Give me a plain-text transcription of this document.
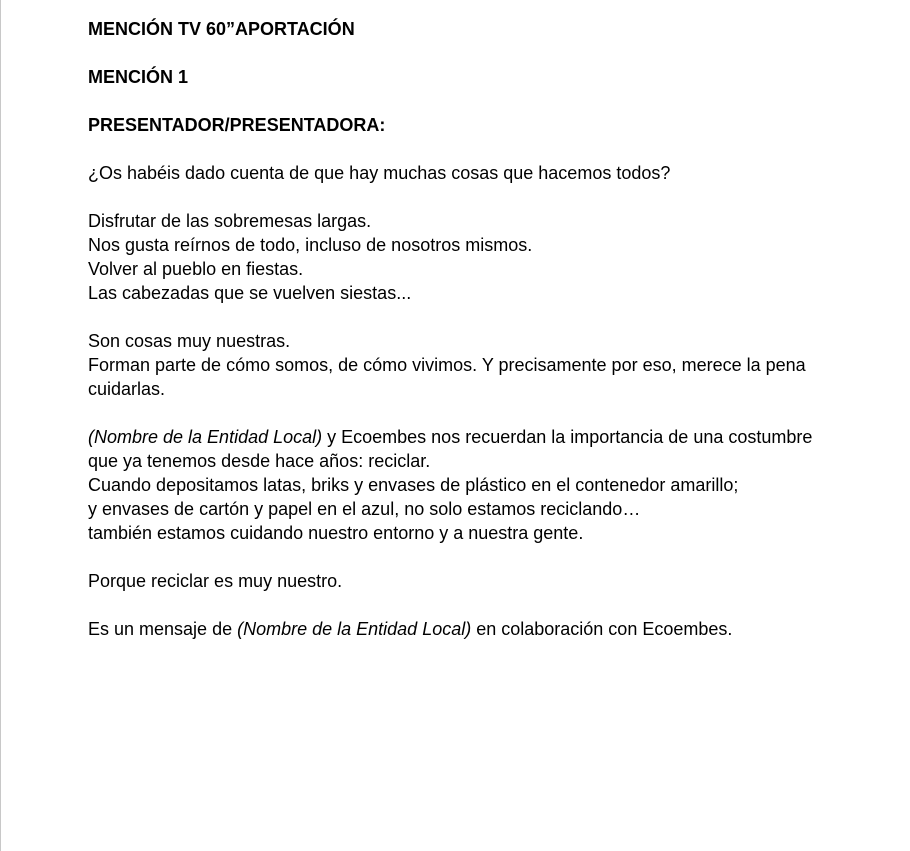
MENCIÓN TV 60”APORTACIÓN
MENCIÓN 1
PRESENTADOR/PRESENTADORA:
¿Os habéis dado cuenta de que hay muchas cosas que hacemos todos?
Disfrutar de las sobremesas largas.
Nos gusta reírnos de todo, incluso de nosotros mismos.
Volver al pueblo en fiestas.
Las cabezadas que se vuelven siestas...
Son cosas muy nuestras.
Forman parte de cómo somos, de cómo vivimos. Y precisamente por eso, merece la pena cuidarlas.
(Nombre de la Entidad Local) y Ecoembes nos recuerdan la importancia de una costumbre que ya tenemos desde hace años: reciclar.
Cuando depositamos latas, briks y envases de plástico en el contenedor amarillo;
y envases de cartón y papel en el azul, no solo estamos reciclando…
también estamos cuidando nuestro entorno y a nuestra gente.
Porque reciclar es muy nuestro.
Es un mensaje de (Nombre de la Entidad Local) en colaboración con Ecoembes.
